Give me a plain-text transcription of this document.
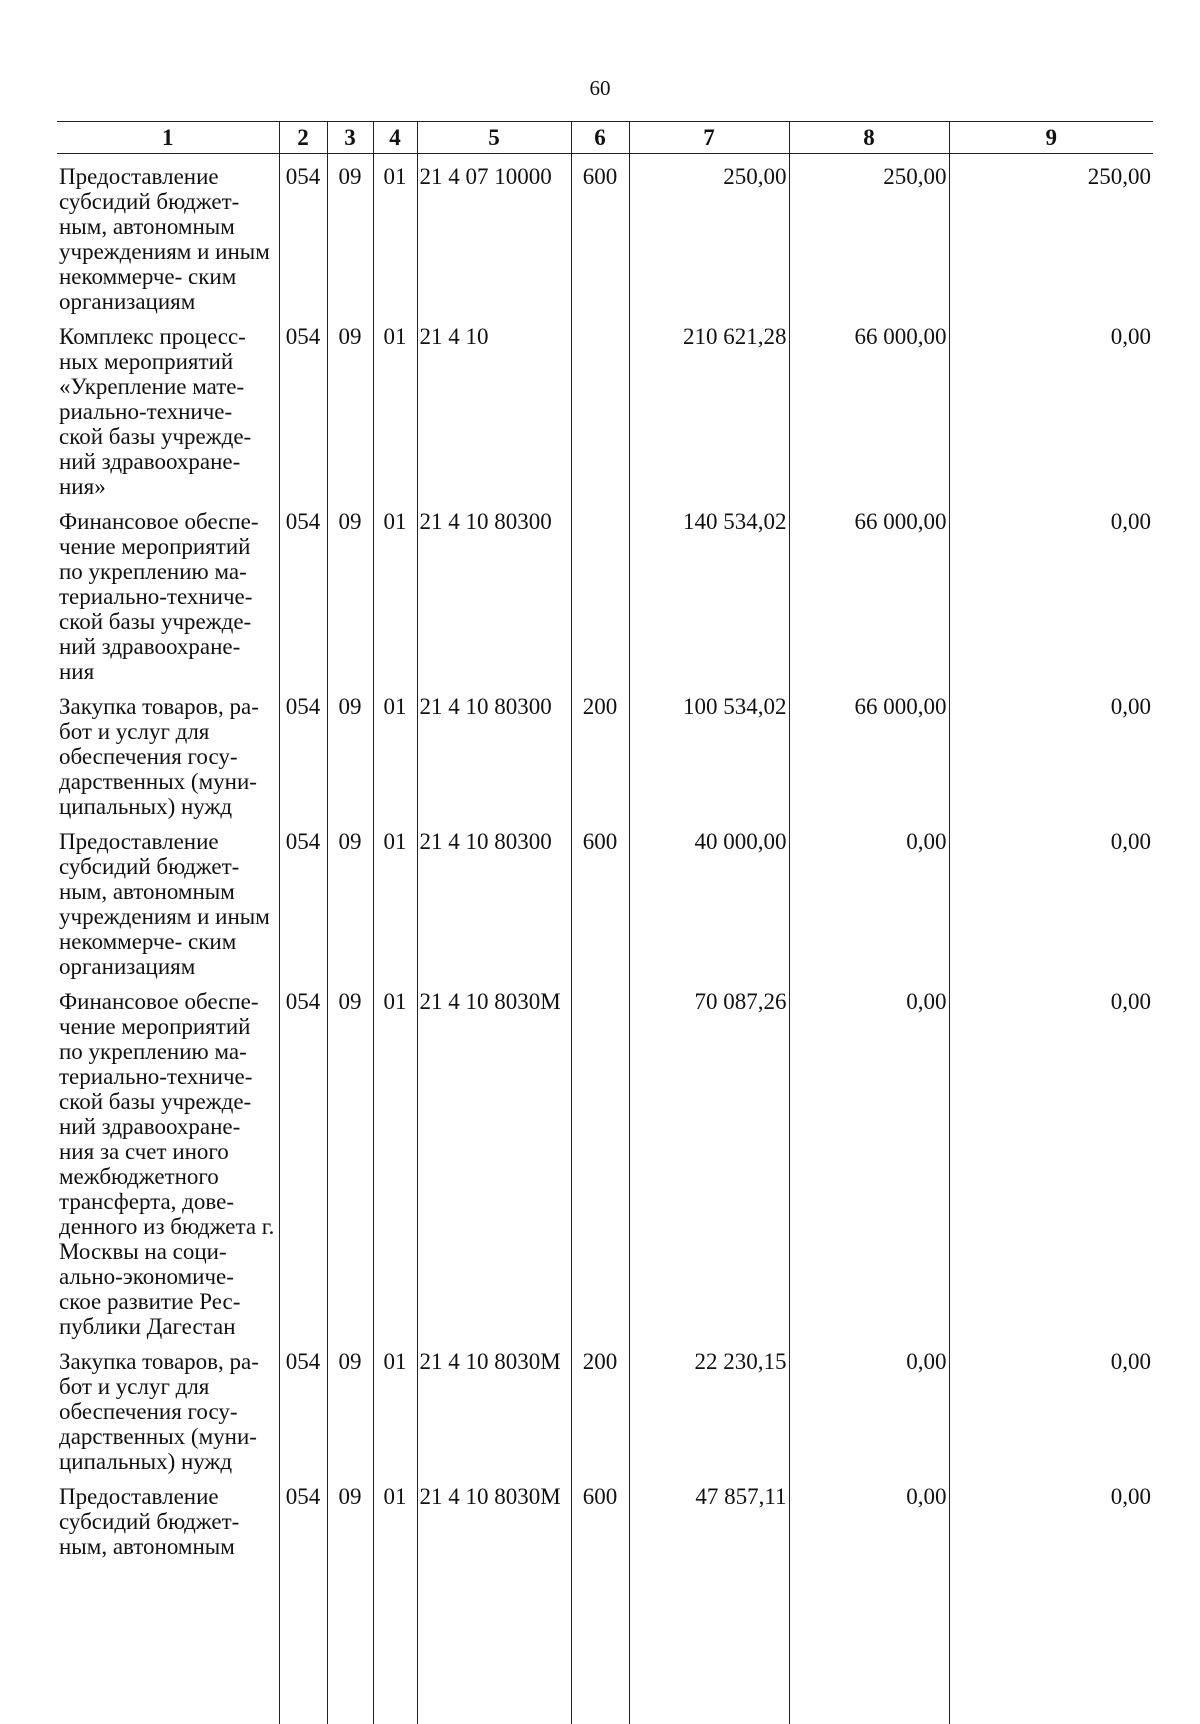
60
1	2	3	4	5	6	7	8	9
Предоставление субсидий бюджет- ным, автономным учреждениям и иным некоммерче- ским организациям	054	09	01	21 4 07 10000	600	250,00	250,00	250,00
Комплекс процесс- ных мероприятий «Укрепление мате- риально-техниче- ской базы учрежде- ний здравоохране- ния»	054	09	01	21 4 10		210 621,28	66 000,00	0,00
Финансовое обеспе- чение мероприятий по укреплению ма- териально-техниче- ской базы учрежде- ний здравоохране- ния	054	09	01	21 4 10 80300		140 534,02	66 000,00	0,00
Закупка товаров, ра- бот и услуг для обеспечения госу- дарственных (муни- ципальных) нужд	054	09	01	21 4 10 80300	200	100 534,02	66 000,00	0,00
Предоставление субсидий бюджет- ным, автономным учреждениям и иным некоммерче- ским организациям	054	09	01	21 4 10 80300	600	40 000,00	0,00	0,00
Финансовое обеспе- чение мероприятий по укреплению ма- териально-техниче- ской базы учрежде- ний здравоохране- ния за счет иного межбюджетного трансферта, дове- денного из бюджета г. Москвы на соци- ально-экономиче- ское развитие Рес- публики Дагестан	054	09	01	21 4 10 8030М		70 087,26	0,00	0,00
Закупка товаров, ра- бот и услуг для обеспечения госу- дарственных (муни- ципальных) нужд	054	09	01	21 4 10 8030М	200	22 230,15	0,00	0,00
Предоставление субсидий бюджет- ным, автономным	054	09	01	21 4 10 8030М	600	47 857,11	0,00	0,00
